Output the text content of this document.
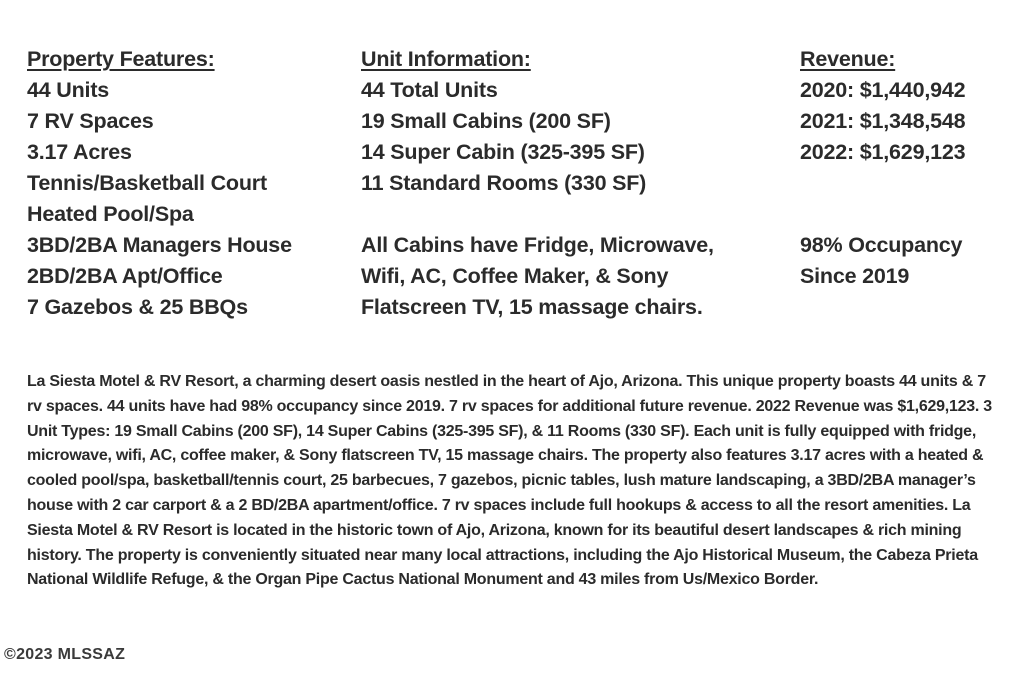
Property Features:
44 Units
7 RV Spaces
3.17 Acres
Tennis/Basketball Court
Heated Pool/Spa
3BD/2BA Managers House
2BD/2BA Apt/Office
7 Gazebos & 25 BBQs
Unit Information:
44 Total Units
19 Small Cabins (200 SF)
14 Super Cabin (325-395 SF)
11 Standard Rooms (330 SF)
All Cabins have Fridge, Microwave,
Wifi, AC, Coffee Maker, & Sony
Flatscreen TV, 15 massage chairs.
Revenue:
2020: $1,440,942
2021: $1,348,548
2022: $1,629,123
98% Occupancy
Since 2019

La Siesta Motel & RV Resort, a charming desert oasis nestled in the heart of Ajo, Arizona. This unique property boasts 44 units & 7 rv spaces. 44 units have had 98% occupancy since 2019. 7 rv spaces for additional future revenue. 2022 Revenue was $1,629,123. 3 Unit Types: 19 Small Cabins (200 SF), 14 Super Cabins (325-395 SF), & 11 Rooms (330 SF). Each unit is fully equipped with fridge, microwave, wifi, AC, coffee maker, & Sony flatscreen TV, 15 massage chairs. The property also features 3.17 acres with a heated & cooled pool/spa, basketball/tennis court, 25 barbecues, 7 gazebos, picnic tables, lush mature landscaping, a 3BD/2BA manager’s house with 2 car carport & a 2 BD/2BA apartment/office. 7 rv spaces include full hookups & access to all the resort amenities. La Siesta Motel & RV Resort is located in the historic town of Ajo, Arizona, known for its beautiful desert landscapes & rich mining history. The property is conveniently situated near many local attractions, including the Ajo Historical Museum, the Cabeza Prieta National Wildlife Refuge, & the Organ Pipe Cactus National Monument and 43 miles from Us/Mexico Border.

©2023 MLSSAZ
